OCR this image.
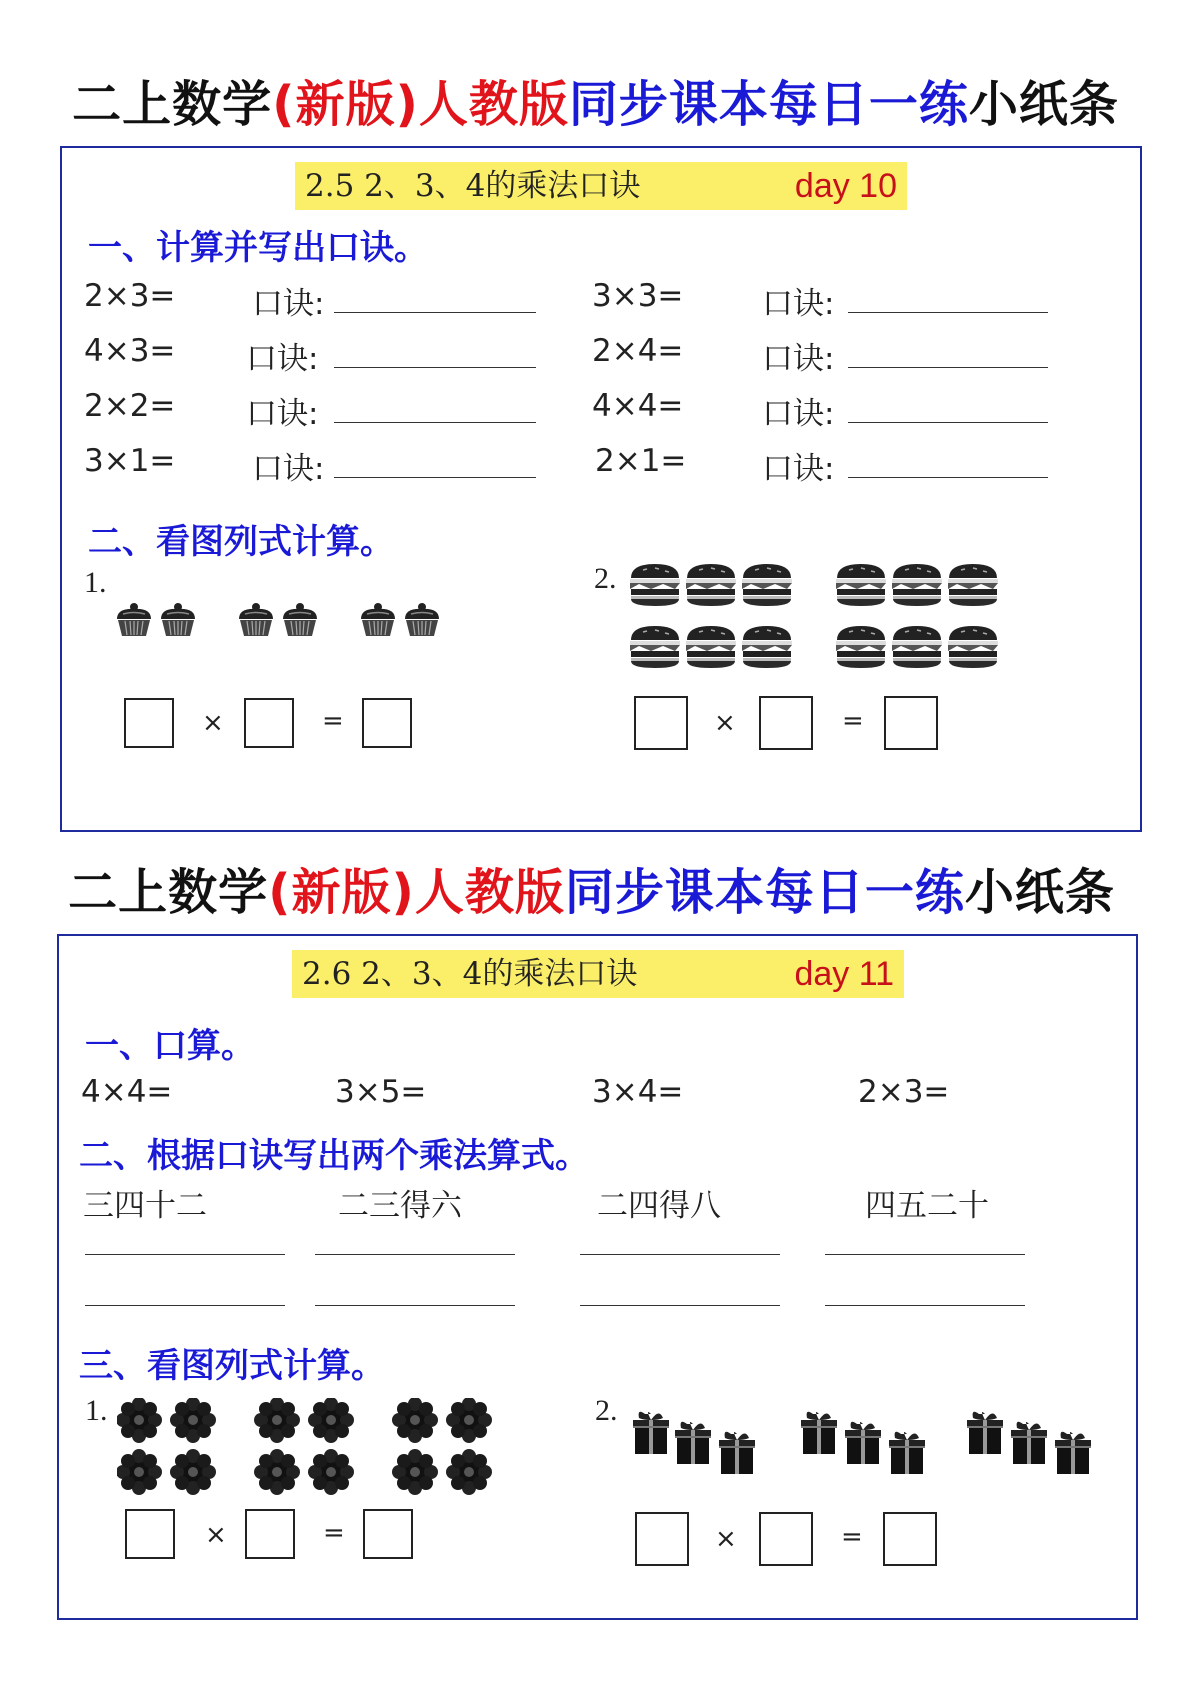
二上数学(新版)人教版同步课本每日一练小纸条
2.5 2、3、4的乘法口诀	day 10
一、计算并写出口诀。
2×3= 口诀:	3×3=	口诀:
4×3= 口诀:	2×4=	口诀:
2×2= 口诀:	4×4=	口诀:
3×1= 口诀:	2×1= 口诀:
二、看图列式计算。
1.
×	=
2.
×	=
二上数学(新版)人教版同步课本每日一练小纸条
2.6 2、3、4的乘法口诀	day 11
一、口算。
4×4=	3×5=	3×4=	2×3=
二、根据口诀写出两个乘法算式。
三四十二	二三得六	二四得八	四五二十
三、看图列式计算。
1.
×	=
2.
×	=
